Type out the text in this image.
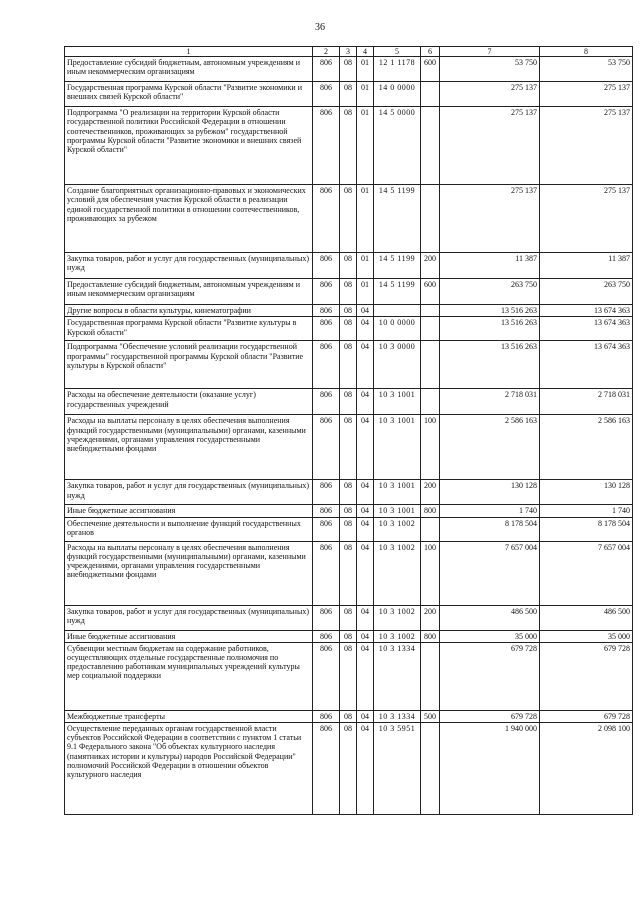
36
1	2	3	4	5	6	7	8
Предоставление субсидий бюджетным, автономным учреждениям и иным некоммерческим организациям	806	08	01	12 1 1178	600	53 750	53 750
Государственная программа Курской области "Развитие экономики и внешних связей Курской области"	806	08	01	14 0 0000		275 137	275 137
Подпрограмма "О реализации на территории Курской области государственной политики Российской Федерации в отношении соотечественников, проживающих за рубежом" государственной программы Курской области "Развитие экономики и внешних связей Курской области"	806	08	01	14 5 0000		275 137	275 137
Создание благоприятных организационно-правовых и экономических условий для обеспечения участия Курской области в реализации единой государственной политики в отношении соотечественников, проживающих за рубежом	806	08	01	14 5 1199		275 137	275 137
Закупка товаров, работ и услуг для государственных (муниципальных) нужд	806	08	01	14 5 1199	200	11 387	11 387
Предоставление субсидий бюджетным, автономным учреждениям и иным некоммерческим организациям	806	08	01	14 5 1199	600	263 750	263 750
Другие вопросы в области культуры, кинематографии	806	08	04			13 516 263	13 674 363
Государственная программа Курской области "Развитие культуры в Курской области"	806	08	04	10 0 0000		13 516 263	13 674 363
Подпрограмма "Обеспечение условий реализации государственной программы" государственной программы Курской области "Развитие культуры в Курской области"	806	08	04	10 3 0000		13 516 263	13 674 363
Расходы на обеспечение деятельности (оказание услуг) государственных учреждений	806	08	04	10 3 1001		2 718 031	2 718 031
Расходы на выплаты персоналу в целях обеспечения выполнения функций государственными (муниципальными) органами, казенными учреждениями, органами управления государственными внебюджетными фондами	806	08	04	10 3 1001	100	2 586 163	2 586 163
Закупка товаров, работ и услуг для государственных (муниципальных) нужд	806	08	04	10 3 1001	200	130 128	130 128
Иные бюджетные ассигнования	806	08	04	10 3 1001	800	1 740	1 740
Обеспечение деятельности и выполнение функций государственных органов	806	08	04	10 3 1002		8 178 504	8 178 504
Расходы на выплаты персоналу в целях обеспечения выполнения функций государственными (муниципальными) органами, казенными учреждениями, органами управления государственными внебюджетными фондами	806	08	04	10 3 1002	100	7 657 004	7 657 004
Закупка товаров, работ и услуг для государственных (муниципальных) нужд	806	08	04	10 3 1002	200	486 500	486 500
Иные бюджетные ассигнования	806	08	04	10 3 1002	800	35 000	35 000
Субвенции местным бюджетам на содержание работников, осуществляющих отдельные государственные полномочия по предоставлению работникам муниципальных учреждений культуры мер социальной поддержки	806	08	04	10 3 1334		679 728	679 728
Межбюджетные трансферты	806	08	04	10 3 1334	500	679 728	679 728
Осуществление переданных органам государственной власти субъектов Российской Федерации в соответствии с пунктом 1 статьи 9.1 Федерального закона "Об объектах культурного наследия (памятниках истории и культуры) народов Российской Федерации" полномочий Российской Федерации в отношении объектов культурного наследия	806	08	04	10 3 5951		1 940 000	2 098 100
